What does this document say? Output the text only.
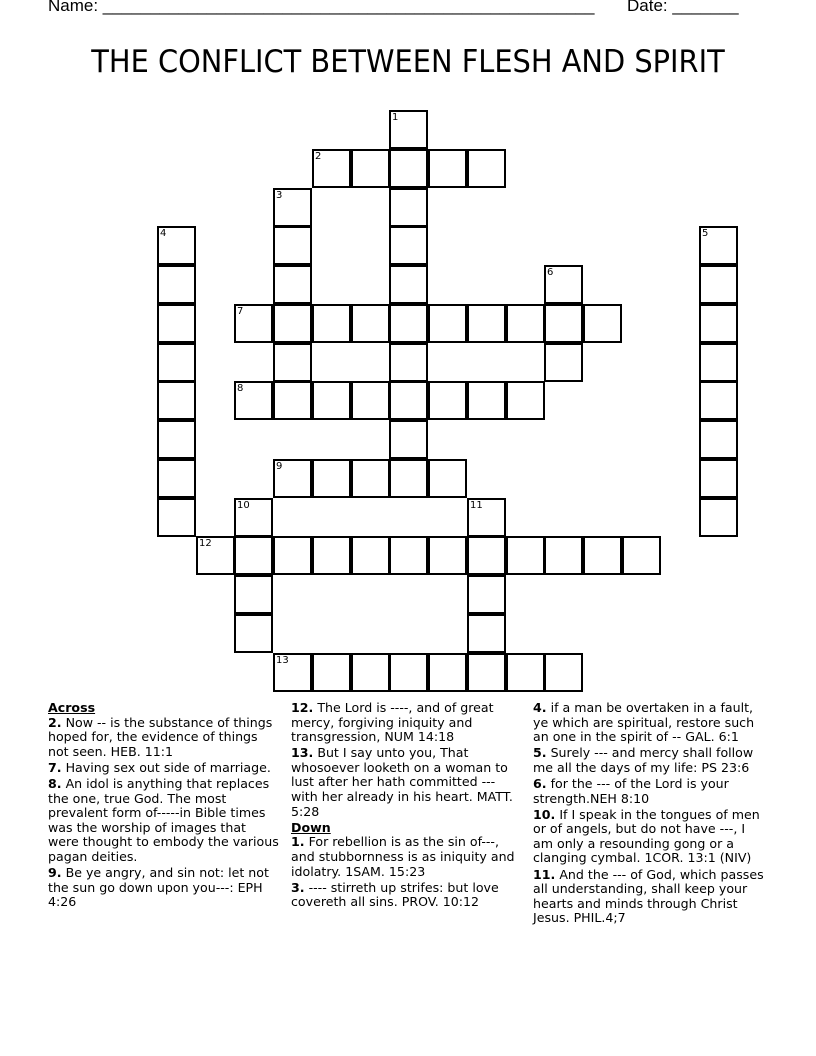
Name: ____________________________________________________ Date: _______
THE CONFLICT BETWEEN FLESH AND SPIRIT
1
2
3
4	5
6
7
8
9
10	11
12
13
Across
2. Now -- is the substance of things hoped for, the evidence of things not seen. HEB. 11:1
7. Having sex out side of marriage.
8. An idol is anything that replaces the one, true God. The most prevalent form of-----in Bible times was the worship of images that were thought to embody the various pagan deities.
9. Be ye angry, and sin not: let not the sun go down upon you---: EPH 4:26
12. The Lord is ----, and of great mercy, forgiving iniquity and transgression, NUM 14:18
13. But I say unto you, That whosoever looketh on a woman to lust after her hath committed --- with her already in his heart. MATT. 5:28
Down
1. For rebellion is as the sin of---, and stubbornness is as iniquity and idolatry. 1SAM. 15:23
3. ---- stirreth up strifes: but love covereth all sins. PROV. 10:12
4. if a man be overtaken in a fault, ye which are spiritual, restore such an one in the spirit of -- GAL. 6:1
5. Surely --- and mercy shall follow me all the days of my life: PS 23:6
6. for the --- of the Lord is your strength.NEH 8:10
10. If I speak in the tongues of men or of angels, but do not have ---, I am only a resounding gong or a clanging cymbal. 1COR. 13:1 (NIV)
11. And the --- of God, which passes all understanding, shall keep your hearts and minds through Christ Jesus. PHIL.4;7
